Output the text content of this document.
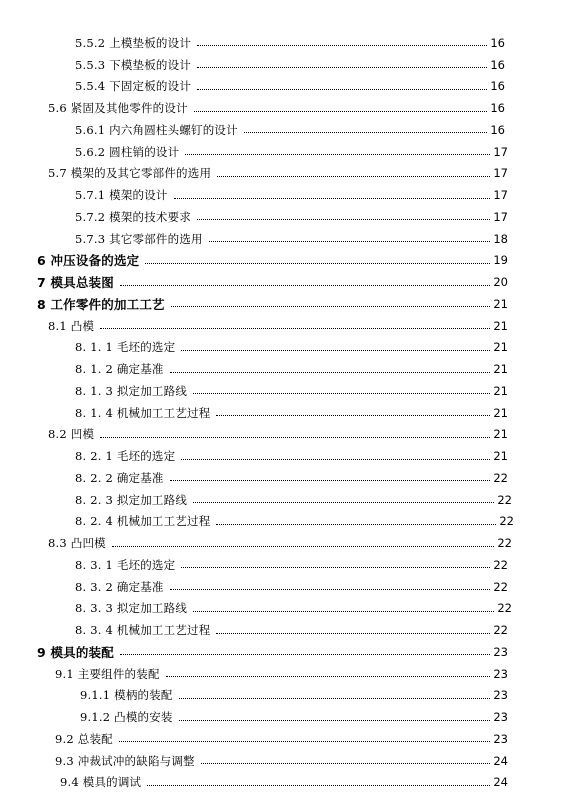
5.5.2 上模垫板的设计	16
5.5.3 下模垫板的设计	16
5.5.4 下固定板的设计	16
5.6 紧固及其他零件的设计	16
5.6.1 内六角圆柱头螺钉的设计	16
5.6.2 圆柱销的设计	17
5.7 模架的及其它零部件的选用	17
5.7.1 模架的设计	17
5.7.2 模架的技术要求	17
5.7.3 其它零部件的选用	18
6 冲压设备的选定	19
7 模具总装图	20
8 工作零件的加工工艺	21
8.1 凸模	21
8. 1. 1 毛坯的选定	21
8. 1. 2 确定基准	21
8. 1. 3 拟定加工路线	21
8. 1. 4 机械加工工艺过程	21
8.2 凹模	21
8. 2. 1 毛坯的选定	21
8. 2. 2 确定基准	22
8. 2. 3 拟定加工路线	22
8. 2. 4 机械加工工艺过程	22
8.3 凸凹模	22
8. 3. 1 毛坯的选定	22
8. 3. 2 确定基准	22
8. 3. 3 拟定加工路线	22
8. 3. 4 机械加工工艺过程	22
9 模具的装配	23
9.1 主要组件的装配	23
9.1.1 模柄的装配	23
9.1.2 凸模的安装	23
9.2 总装配	23
9.3 冲裁试冲的缺陷与调整	24
9.4 模具的调试	24
